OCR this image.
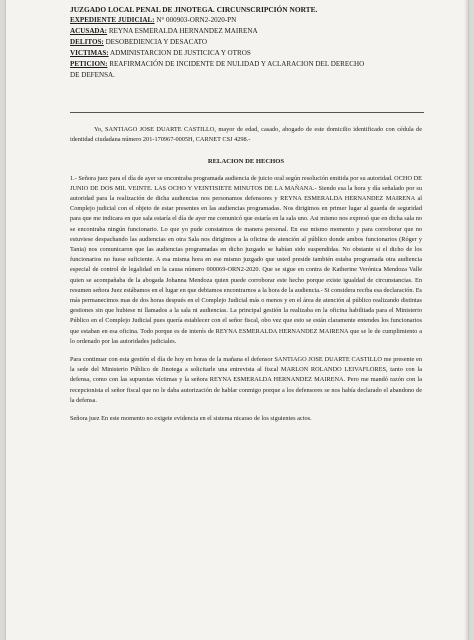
JUZGADO LOCAL PENAL DE JINOTEGA. CIRCUNSCRIPCIÓN NORTE.
EXPEDIENTE JUDICIAL: N° 000903-ORN2-2020-PN
ACUSADA: REYNA ESMERALDA HERNANDEZ MAIRENA
DELITOS: DESOBEDIENCIA Y DESACATO
VICTIMAS: ADMINISTARCION DE JUSTICICA Y OTROS
PETICION: REAFIRMACIÓN DE INCIDENTE DE NULIDAD Y ACLARACION DEL DERECHO
DE DEFENSA.

Yo, SANTIAGO JOSE DUARTE CASTILLO, mayor de edad, casado, abogado de este domicilio identificado con cédula de identidad ciudadana número 201-170967-0005H, CARNET CSJ 4298.-

RELACION DE HECHOS

1.- Señora juez para el día de ayer se encontraba programada audiencia de juicio oral según resolución emitida por su autoridad. OCHO DE JUNIO DE DOS MIL VEINTE. LAS OCHO Y VEINTISIETE MINUTOS DE LA MAÑANA.- Siendo esa la hora y día señalado por su autoridad para la realización de dicha audiencias nos personamos defensores y REYNA ESMERALDA HERNANDEZ MAIRENA al Complejo judicial con el objeto de estar presentes en las audiencias programadas. Nos dirigimos en primer lugar al guarda de seguridad para que me indicara en que sala estaría el día de ayer me comunicó que estaría en la sala uno. Asi mismo nos expresó que en dicha sala no se encontraba ningún funcionario. Lo que yo pude constatmos de manera personal. En ese mismo momento y para corroborar que no estuviese despachando las audiencias en otra Sala nos dirigimos a la oficina de atención al público donde ambos funcionarios (Róger y Tania) nos comunicaron que las audiencias programadas en dicho juzgado se habían sido suspendidas. No obstante si el dicho de los funcionarios no fuese suficiente. A esa misma hora en ese mismo juzgado que usted preside también estaba programada otra audiencia especial de control de legalidad en la causa número 000069-ORN2-2020. Que se sigue en contra de Katherine Verónica Mendoza Valle quien se acompañaba de la abogada Johanna Mendoza quien puede corroborar este hecho porque existe igualdad de circunstancias. En resumen señora Juez estábamos en el lugar en que debiamos encontrarnos a la hora de la audiencia.- Si considera reciba esa declaración. Es más permanecimos mas de dos horas después en el Complejo Judicial más o menos y en el área de atención al público realizando distintas gestiones sin que hubiese ni llamados a la sala ni audiencias. La principal gestión la realizaba en la oficina habilitada para el Ministerio Público en el Complejo Judicial pues quería establecer con el señor fiscal, obo vez que esto se están claramente entendes los funcionarios que estaban en esa oficina. Todo porque es de interés de REYNA ESMERALDA HERNANDEZ MAIRENA que se le de cumplimiento a lo ordenado por las autoridades judiciales.

Para continuar con esta gestión el día de hoy en horas de la mañana el defensor SANTIAGO JOSE DUARTE CASTILLO me presente en la sede del Ministerio Público de Jinotega a solicitarle una entrevista al fiscal MARLON ROLANDO LEIVAFLORES, tanto con la defensa, como con las supuestas víctimas y la señora REYNA ESMERALDA HERNANDEZ MAIRENA. Pero me mandó razón con la recepcionista el señor fiscal que no le daba autorización de hablar conmigo porque a los defensores se nos había declarado el abandono de la defensa.

Señora juez En este momento no exigete evidencia en el sistema nicarao de los siguientes actos.
